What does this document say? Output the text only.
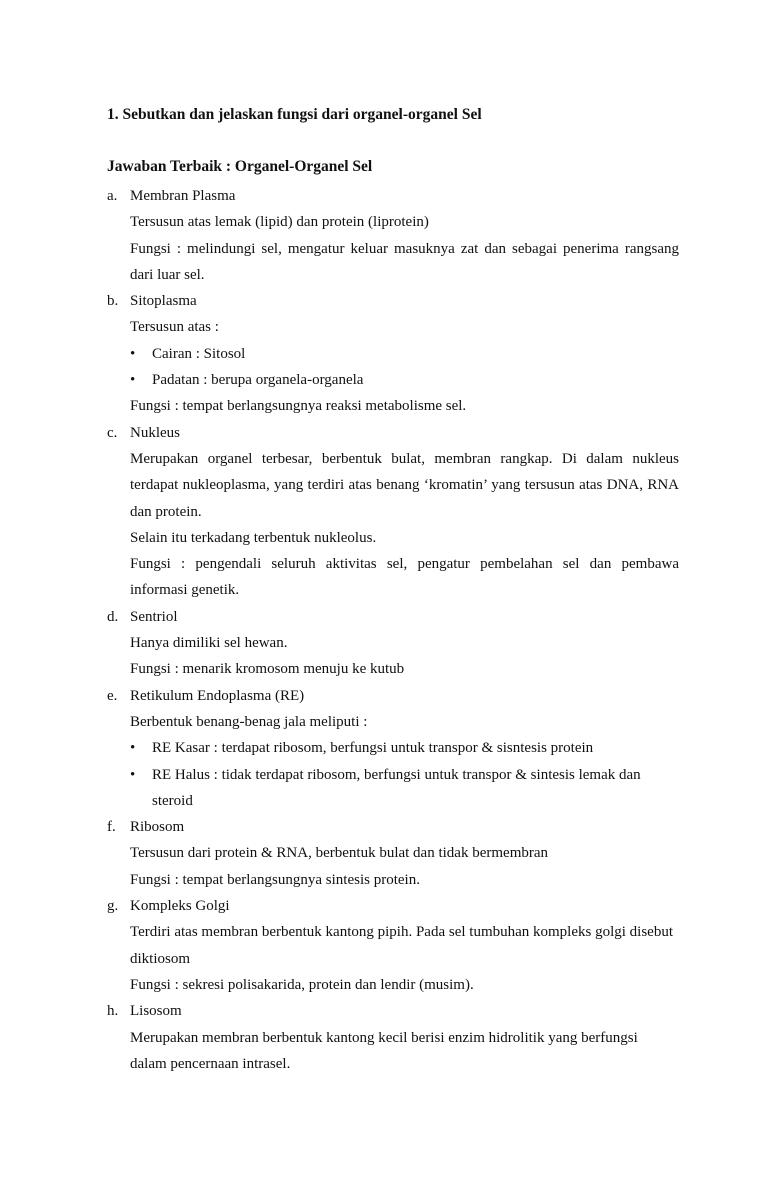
1. Sebutkan dan jelaskan fungsi dari organel-organel Sel
Jawaban Terbaik : Organel-Organel Sel
a. Membran Plasma
Tersusun atas lemak (lipid) dan protein (liprotein)
Fungsi : melindungi sel, mengatur keluar masuknya zat dan sebagai penerima rangsang
dari luar sel.
b. Sitoplasma
Tersusun atas :
• Cairan : Sitosol
• Padatan : berupa organela-organela
Fungsi : tempat berlangsungnya reaksi metabolisme sel.
c. Nukleus
Merupakan organel terbesar, berbentuk bulat, membran rangkap. Di dalam nukleus
terdapat nukleoplasma, yang terdiri atas benang ‘kromatin’ yang tersusun atas DNA, RNA
dan protein.
Selain itu terkadang terbentuk nukleolus.
Fungsi : pengendali seluruh aktivitas sel, pengatur pembelahan sel dan pembawa
informasi genetik.
d. Sentriol
Hanya dimiliki sel hewan.
Fungsi : menarik kromosom menuju ke kutub
e. Retikulum Endoplasma (RE)
Berbentuk benang-benag jala meliputi :
• RE Kasar : terdapat ribosom, berfungsi untuk transpor & sisntesis protein
• RE Halus : tidak terdapat ribosom, berfungsi untuk transpor & sintesis lemak dan
steroid
f. Ribosom
Tersusun dari protein & RNA, berbentuk bulat dan tidak bermembran
Fungsi : tempat berlangsungnya sintesis protein.
g. Kompleks Golgi
Terdiri atas membran berbentuk kantong pipih. Pada sel tumbuhan kompleks golgi disebut
diktiosom
Fungsi : sekresi polisakarida, protein dan lendir (musim).
h. Lisosom
Merupakan membran berbentuk kantong kecil berisi enzim hidrolitik yang berfungsi
dalam pencernaan intrasel.
